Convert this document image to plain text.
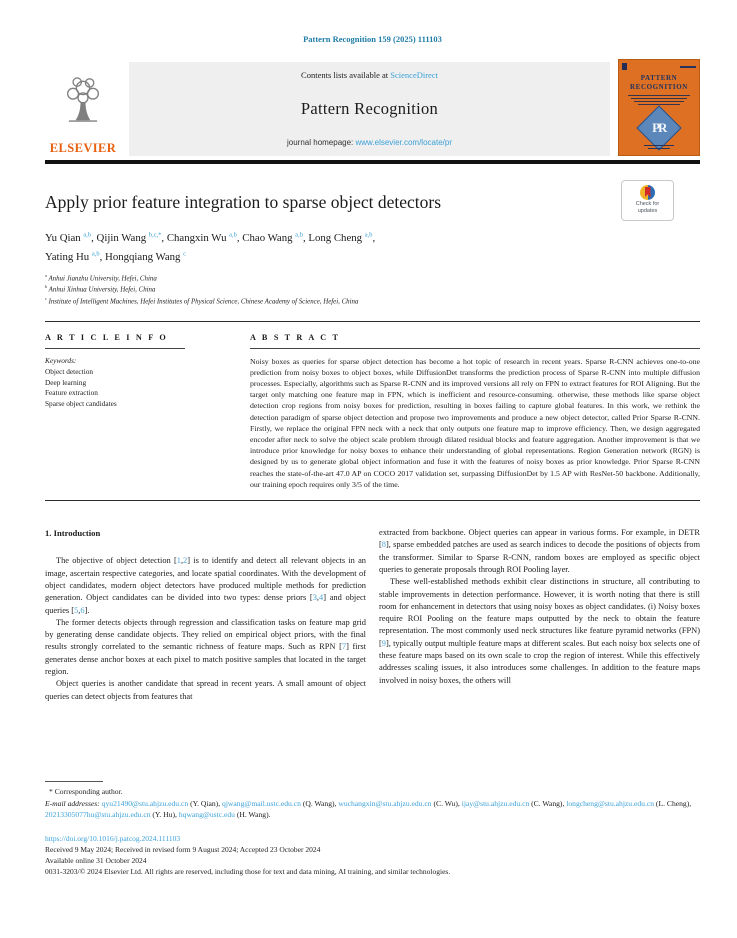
Pattern Recognition 159 (2025) 111103
ELSEVIER
Contents lists available at ScienceDirect
Pattern Recognition
journal homepage: www.elsevier.com/locate/pr
PATTERN
RECOGNITION
PR
Apply prior feature integration to sparse object detectors
Yu Qian $^{a,b}$, Qijin Wang $^{b,c,*}$, Changxin Wu $^{a,b}$, Chao Wang $^{a,b}$, Long Cheng $^{a,b}$,
Yating Hu $^{a,b}$, Hongqiang Wang $^c$
$^a$ Anhui Jianzhu University, Hefei, China
$^b$ Anhui Xinhua University, Hefei, China
$^c$ Institute of Intelligent Machines, Hefei Institutes of Physical Science, Chinese Academy of Science, Hefei, China
A R T I C L E I N F O
Keywords:
Object detection
Deep learning
Feature extraction
Sparse object candidates
A B S T R A C T
Noisy boxes as queries for sparse object detection has become a hot topic of research in recent years. Sparse R-CNN achieves one-to-one prediction from noisy boxes to object boxes, while DiffusionDet transforms the prediction process of Sparse R-CNN into multiple diffusion processes. Especially, algorithms such as Sparse R-CNN and its improved versions all rely on FPN to extract features for ROI Aligning. But the target only matching one feature map in FPN, which is inefficient and resource-consuming. otherwise, these methods like sparse object detection crop regions from noisy boxes for prediction, resulting in boxes failing to capture global features. In this work, we rethink the detection paradigm of sparse object detection and propose two improvements and produce a new object detector, called Prior Sparse R-CNN. Firstly, we replace the original FPN neck with a neck that only outputs one feature map to improve efficiency. Then, we design aggregated encoder after neck to solve the object scale problem through dilated residual blocks and feature aggregation. Another improvement is that we introduce prior knowledge for noisy boxes to enhance their understanding of global representations. Region Generation network (RGN) is designed by us to generate global object information and fuse it with the features of noisy boxes as prior knowledge. Prior Sparse R-CNN reaches the state-of-the-art 47.0 AP on COCO 2017 validation set, surpassing DiffusionDet by 1.5 AP with ResNet-50 backbone. Additionally, our training epoch requires only 3/5 of the time.
1. Introduction

The objective of object detection [1,2] is to identify and detect all relevant objects in an image, ascertain respective categories, and locate spatial coordinates. With the development of object candidates, modern object detectors have produced multiple methods for prediction generation. Object candidates can be divided into two types: dense priors [3,4] and object queries [5,6].

The former detects objects through regression and classification tasks on feature map grid by generating dense candidate objects. They relied on empirical object priors, with the final results strongly correlated to the semantic richness of feature maps. Such as RPN [7] first generates dense anchor boxes at each pixel to match positive samples that located in the target region.

Object queries is another candidate that spread in recent years. A small amount of object queries can detect objects from features that

extracted from backbone. Object queries can appear in various forms. For example, in DETR [8], sparse embedded patches are used as search indices to decode the positions of objects from the transformer. Similar to Sparse R-CNN, random boxes are employed as specific object queries to generate proposals through ROI Pooling layer.

These well-established methods exhibit clear distinctions in structure, all contributing to stable improvements in detection performance. However, it is worth noting that there is still room for enhancement in detectors that using noisy boxes as object candidates. (i) Noisy boxes require ROI Pooling on the feature maps outputted by the neck to obtain the feature representation. The most commonly used neck structures like feature pyramid networks (FPN) [9], typically output multiple feature maps at different scales. But each noisy box selects one of these feature maps based on its own scale to crop the region of interest. While this effectively addresses scaling issues, it also introduces some challenges. In addition to the feature maps involved in noisy boxes, the others will

* Corresponding author.
E-mail addresses: qyu21490@stu.ahjzu.edu.cn (Y. Qian), qjwang@mail.ustc.edu.cn (Q. Wang), wuchangxin@stu.ahjzu.edu.cn (C. Wu), ijay@stu.ahjzu.edu.cn (C. Wang), longcheng@stu.ahjzu.edu.cn (L. Cheng), 20213305077hu@stu.ahjzu.edu.cn (Y. Hu), hqwang@ustc.edu (H. Wang).
https://doi.org/10.1016/j.patcog.2024.111103
Received 9 May 2024; Received in revised form 9 August 2024; Accepted 23 October 2024
Available online 31 October 2024
0031-3203/© 2024 Elsevier Ltd. All rights are reserved, including those for text and data mining, AI training, and similar technologies.
Check for
updates
